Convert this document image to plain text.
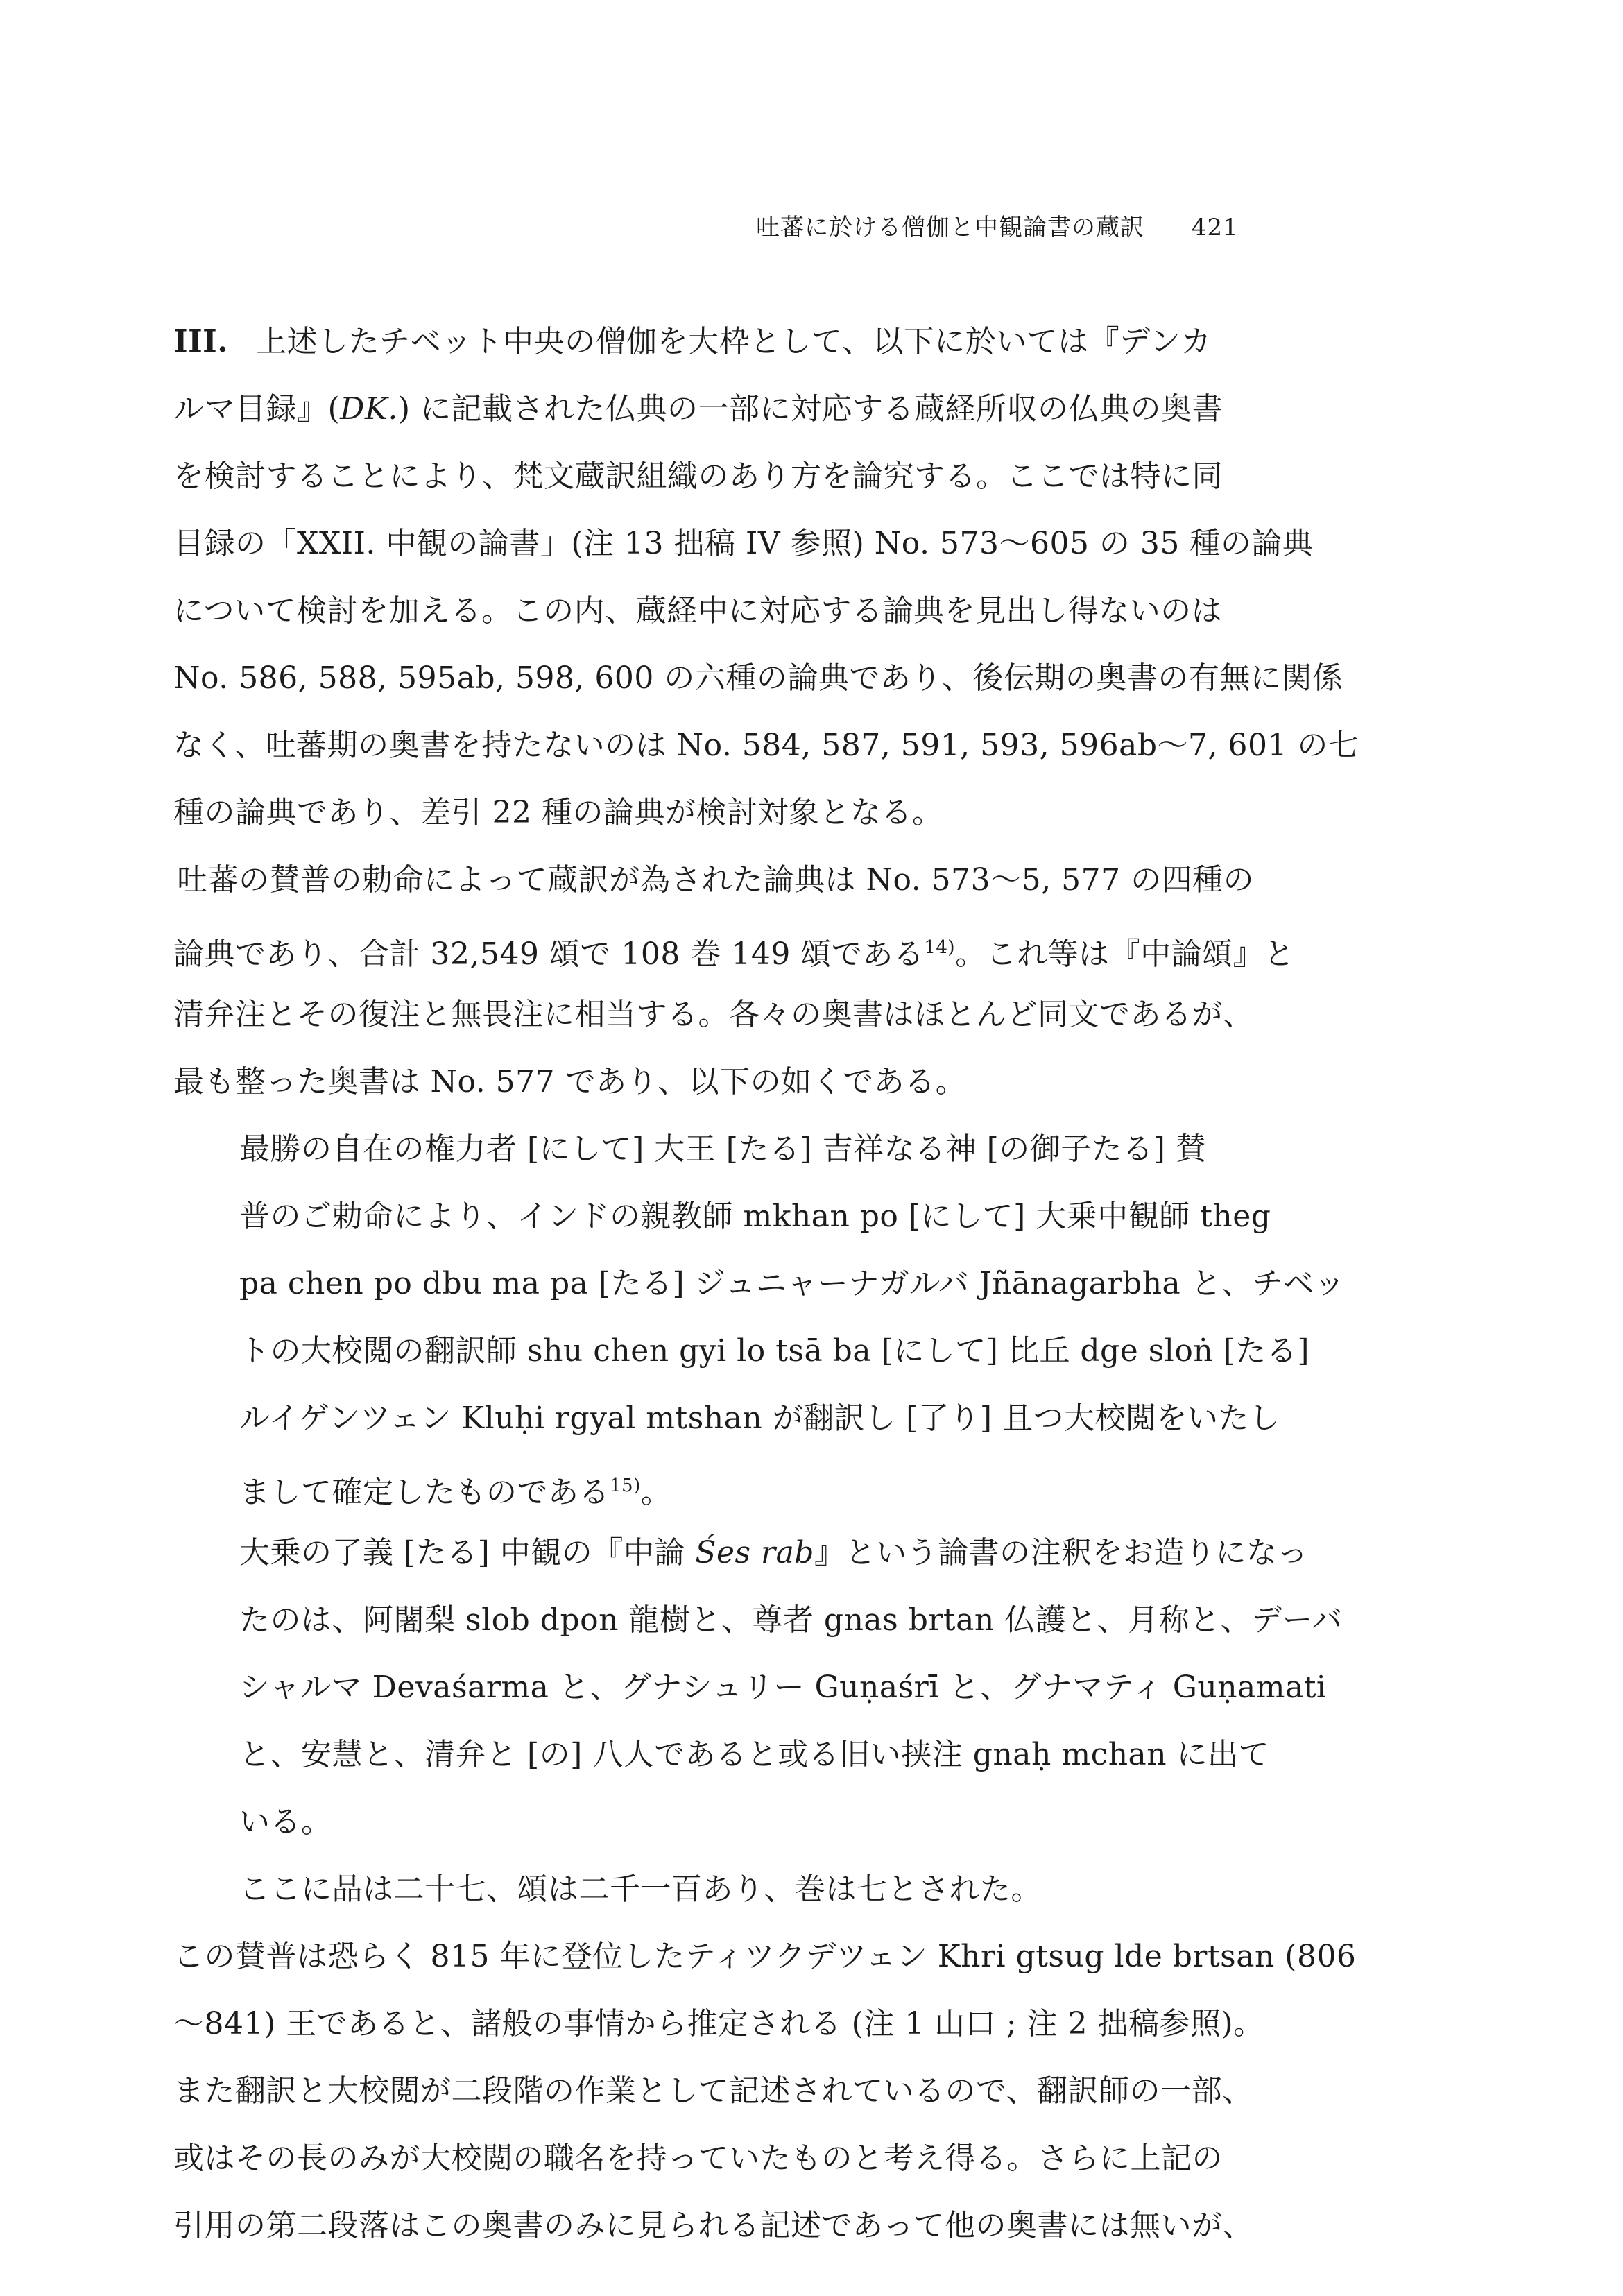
吐蕃に於ける僧伽と中観論書の蔵訳 421
III. 上述したチベット中央の僧伽を大枠として、以下に於いては『デンカ
ルマ目録』(DK.) に記載された仏典の一部に対応する蔵経所収の仏典の奥書
を検討することにより、梵文蔵訳組織のあり方を論究する。ここでは特に同
目録の「XXII. 中観の論書」(注 13 拙稿 IV 参照) No. 573〜605 の 35 種の論典
について検討を加える。この内、蔵経中に対応する論典を見出し得ないのは
No. 586, 588, 595ab, 598, 600 の六種の論典であり、後伝期の奥書の有無に関係
なく、吐蕃期の奥書を持たないのは No. 584, 587, 591, 593, 596ab〜7, 601 の七
種の論典であり、差引 22 種の論典が検討対象となる。
吐蕃の賛普の勅命によって蔵訳が為された論典は No. 573〜5, 577 の四種の
論典であり、合計 32,549 頌で 108 巻 149 頌である$^{14)}$。これ等は『中論頌』と
清弁注とその復注と無畏注に相当する。各々の奥書はほとんど同文であるが、
最も整った奥書は No. 577 であり、以下の如くである。
最勝の自在の権力者 [にして] 大王 [たる] 吉祥なる神 [の御子たる] 賛
普のご勅命により、インドの親教師 mkhan po [にして] 大乗中観師 theg
pa chen po dbu ma pa [たる] ジュニャーナガルバ Jñānagarbha と、チベッ
トの大校閲の翻訳師 shu chen gyi lo tsā ba [にして] 比丘 dge sloṅ [たる]
ルイゲンツェン Kluḥi rgyal mtshan が翻訳し [了り] 且つ大校閲をいたし
まして確定したものである$^{15)}$。
大乗の了義 [たる] 中観の『中論 Śes rab』という論書の注釈をお造りになっ
たのは、阿闍梨 slob dpon 龍樹と、尊者 gnas brtan 仏護と、月称と、デーバ
シャルマ Devaśarma と、グナシュリー Guṇaśrī と、グナマティ Guṇamati
と、安慧と、清弁と [の] 八人であると或る旧い挟注 gnaḥ mchan に出て
いる。
ここに品は二十七、頌は二千一百あり、巻は七とされた。
この賛普は恐らく 815 年に登位したティツクデツェン Khri gtsug lde brtsan (806
〜841) 王であると、諸般の事情から推定される (注 1 山口 ; 注 2 拙稿参照)。
また翻訳と大校閲が二段階の作業として記述されているので、翻訳師の一部、
或はその長のみが大校閲の職名を持っていたものと考え得る。さらに上記の
引用の第二段落はこの奥書のみに見られる記述であって他の奥書には無いが、
